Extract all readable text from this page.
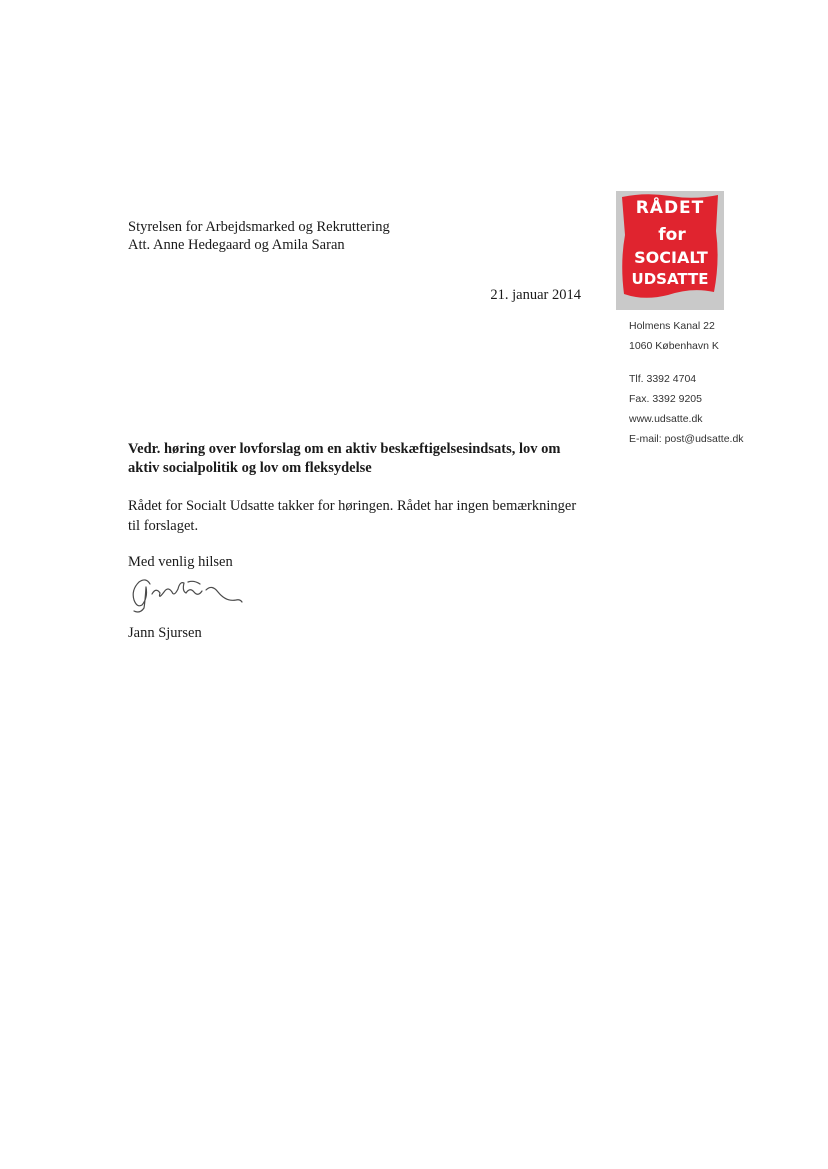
Styrelsen for Arbejdsmarked og Rekruttering
Att. Anne Hedegaard og Amila Saran
21. januar 2014
RÅDET
for
SOCIALT
UDSATTE
Holmens Kanal 22
1060 København K
Tlf. 3392 4704
Fax. 3392 9205
www.udsatte.dk
E-mail: post@udsatte.dk
Vedr. høring over lovforslag om en aktiv beskæftigelsesindsats, lov om aktiv socialpolitik og lov om fleksydelse
Rådet for Socialt Udsatte takker for høringen. Rådet har ingen bemærkninger til forslaget.
Med venlig hilsen
Jann Sjursen
